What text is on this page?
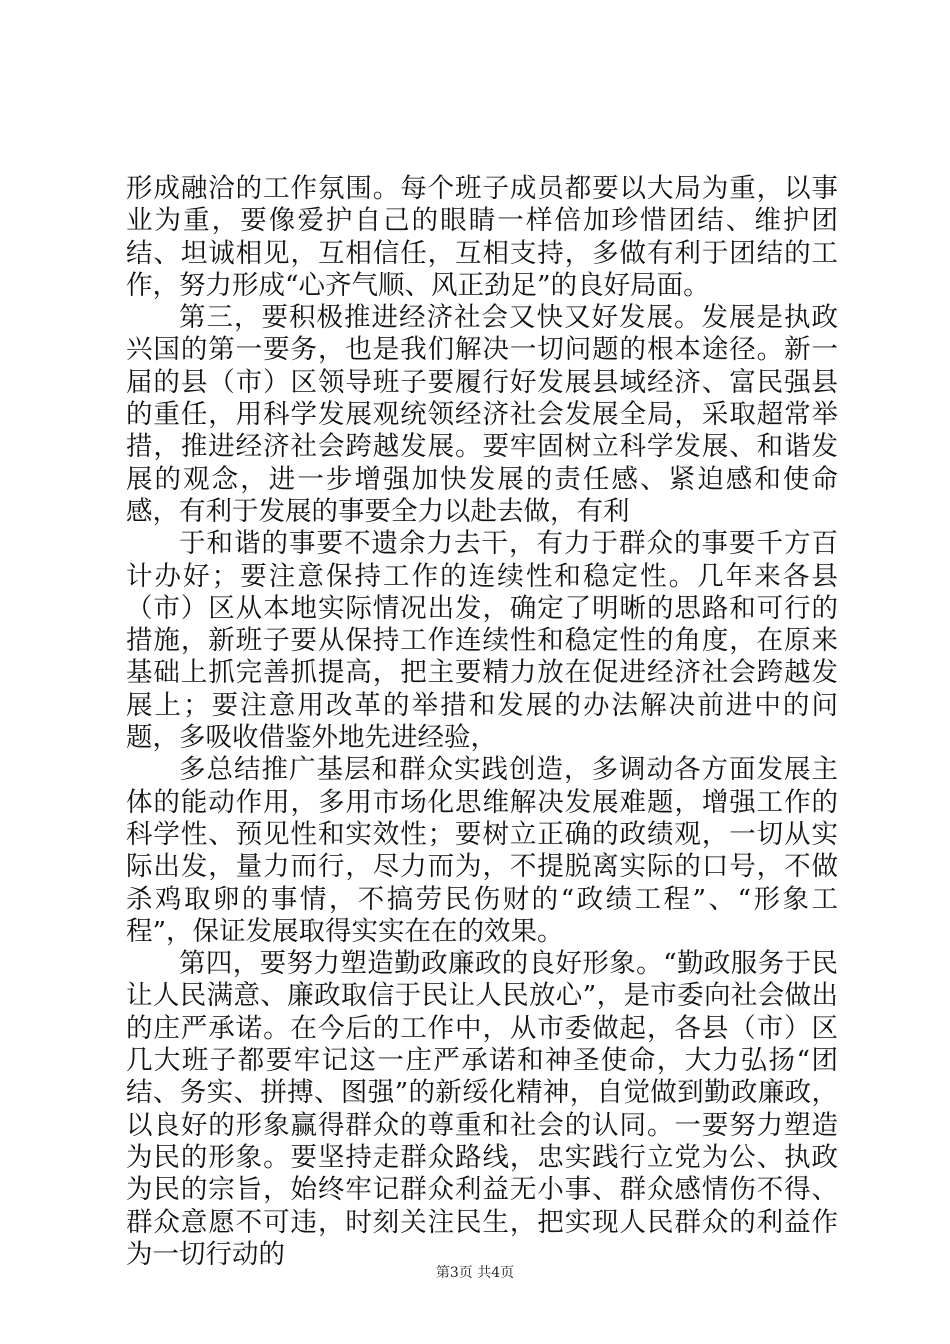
形成融洽的工作氛围。每个班子成员都要以大局为重，以事业为重，要像爱护自己的眼睛一样倍加珍惜团结、维护团结、坦诚相见，互相信任，互相支持，多做有利于团结的工作，努力形成“心齐气顺、风正劲足”的良好局面。

第三，要积极推进经济社会又快又好发展。发展是执政兴国的第一要务，也是我们解决一切问题的根本途径。新一届的县（市）区领导班子要履行好发展县域经济、富民强县的重任，用科学发展观统领经济社会发展全局，采取超常举措，推进经济社会跨越发展。要牢固树立科学发展、和谐发展的观念，进一步增强加快发展的责任感、紧迫感和使命感，有利于发展的事要全力以赴去做，有利

于和谐的事要不遗余力去干，有力于群众的事要千方百计办好；要注意保持工作的连续性和稳定性。几年来各县（市）区从本地实际情况出发，确定了明晰的思路和可行的措施，新班子要从保持工作连续性和稳定性的角度，在原来基础上抓完善抓提高，把主要精力放在促进经济社会跨越发展上；要注意用改革的举措和发展的办法解决前进中的问题，多吸收借鉴外地先进经验，

多总结推广基层和群众实践创造，多调动各方面发展主体的能动作用，多用市场化思维解决发展难题，增强工作的科学性、预见性和实效性；要树立正确的政绩观，一切从实际出发，量力而行，尽力而为，不提脱离实际的口号，不做杀鸡取卵的事情，不搞劳民伤财的“政绩工程”、“形象工程”，保证发展取得实实在在的效果。

第四，要努力塑造勤政廉政的良好形象。“勤政服务于民让人民满意、廉政取信于民让人民放心”，是市委向社会做出的庄严承诺。在今后的工作中，从市委做起，各县（市）区几大班子都要牢记这一庄严承诺和神圣使命，大力弘扬“团结、务实、拼搏、图强”的新绥化精神，自觉做到勤政廉政，以良好的形象赢得群众的尊重和社会的认同。一要努力塑造为民的形象。要坚持走群众路线，忠实践行立党为公、执政为民的宗旨，始终牢记群众利益无小事、群众感情伤不得、群众意愿不可违，时刻关注民生，把实现人民群众的利益作为一切行动的

第3页 共4页
